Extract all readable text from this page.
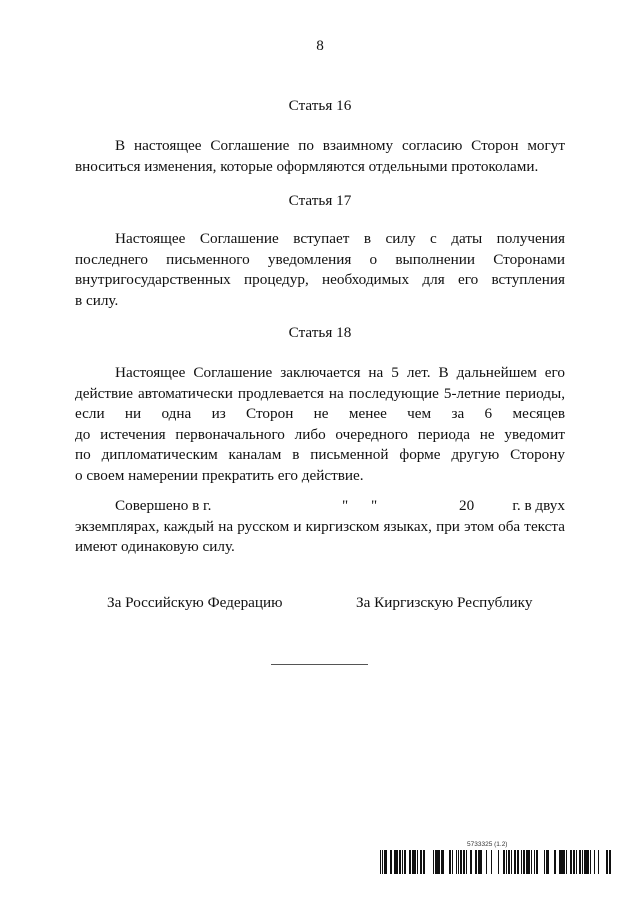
8
Статья 16
В настоящее Соглашение по взаимному согласию Сторон могут
вноситься изменения, которые оформляются отдельными протоколами.
Статья 17
Настоящее Соглашение вступает в силу с даты получения
последнего письменного уведомления о выполнении Сторонами
внутригосударственных процедур, необходимых для его вступления
в силу.
Статья 18
Настоящее Соглашение заключается на 5 лет. В дальнейшем его
действие автоматически продлевается на последующие 5-летние периоды,
если ни одна из Сторон не менее чем за 6 месяцев
до истечения первоначального либо очередного периода не уведомит
по дипломатическим каналам в письменной форме другую Сторону
о своем намерении прекратить его действие.
Совершено в г.	" "	20	г. в двух
экземплярах, каждый на русском и киргизском языках, при этом оба текста
имеют одинаковую силу.
За Российскую Федерацию	За Киргизскую Республику
5733325 (1.2)
